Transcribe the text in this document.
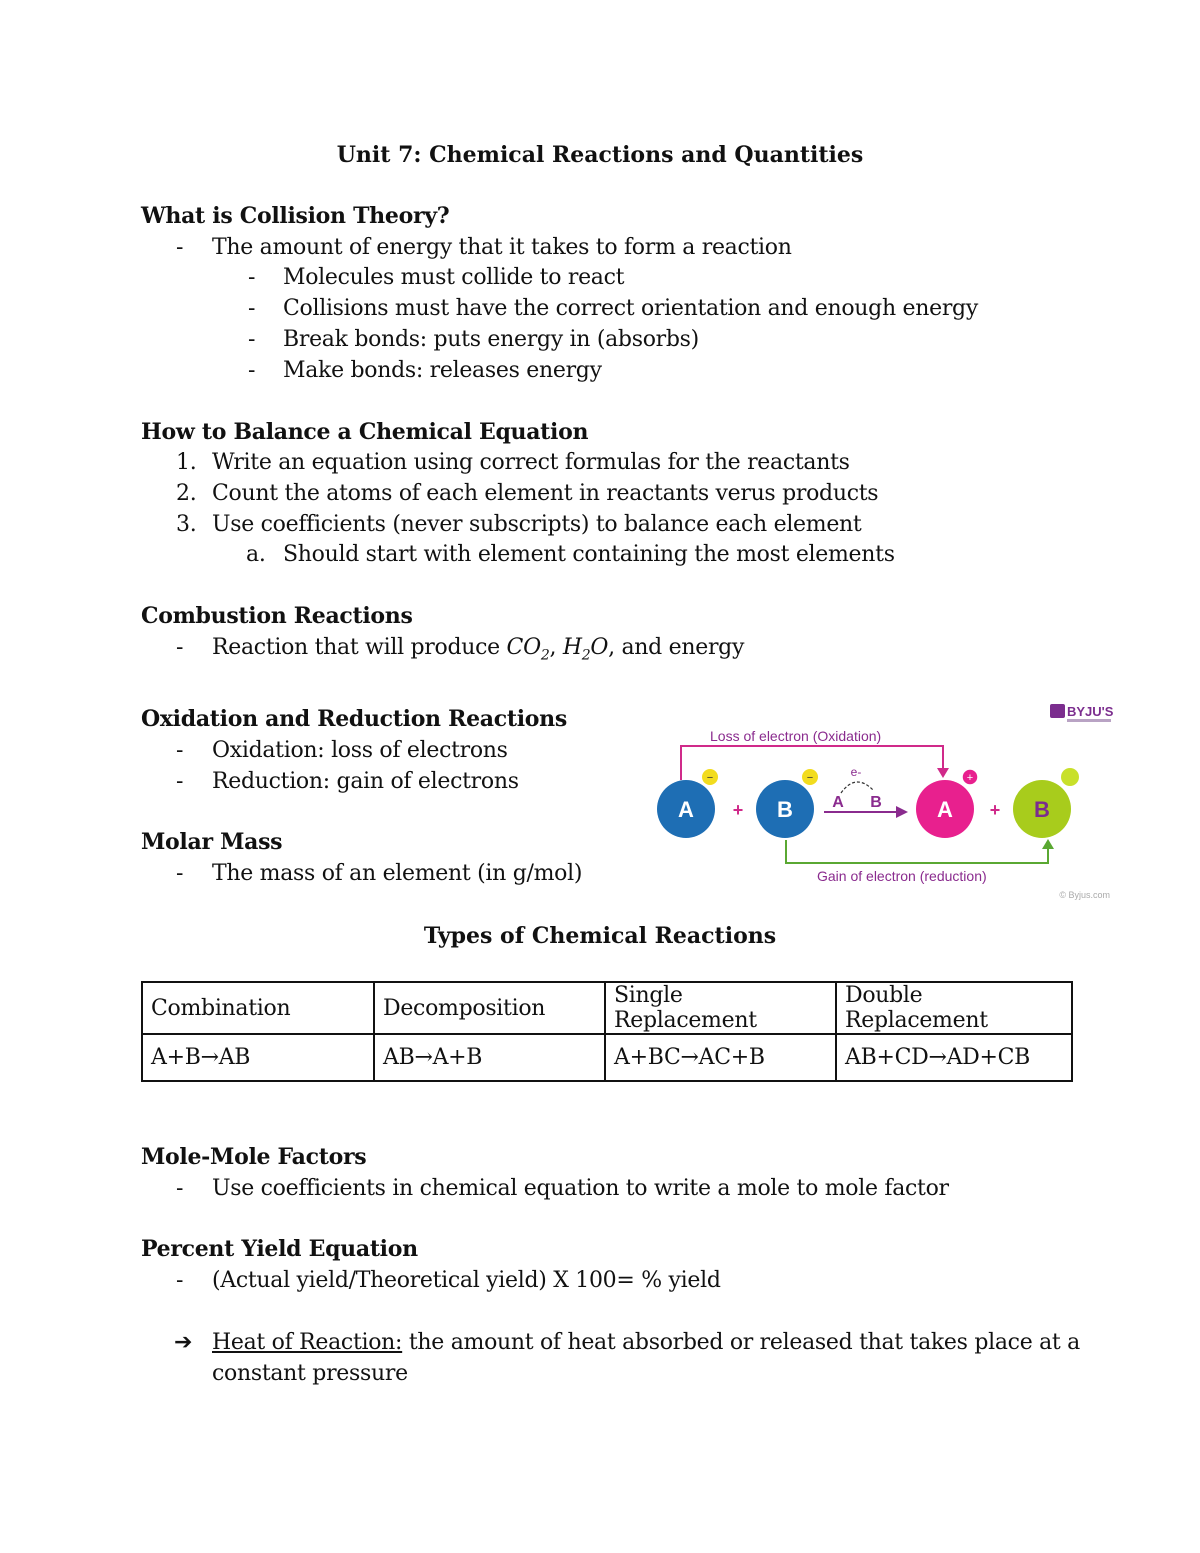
Unit 7: Chemical Reactions and Quantities
What is Collision Theory?
- The amount of energy that it takes to form a reaction
- Molecules must collide to react
- Collisions must have the correct orientation and enough energy
- Break bonds: puts energy in (absorbs)
- Make bonds: releases energy
How to Balance a Chemical Equation
1. Write an equation using correct formulas for the reactants
2. Count the atoms of each element in reactants verus products
3. Use coefficients (never subscripts) to balance each element
a. Should start with element containing the most elements
Combustion Reactions
- Reaction that will produce $CO_2$, $H_2O$, and energy
Oxidation and Reduction Reactions
- Oxidation: loss of electrons
- Reduction: gain of electrons
Molar Mass
- The mass of an element (in g/mol)
BYJU'S
Loss of electron (Oxidation)
Gain of electron (reduction)
A
−
+ B
−	e-
A B	A
+
+ B
© Byjus.com
Types of Chemical Reactions
Combination	Decomposition	Single Replacement	Double Replacement
A+B→AB	AB→A+B	A+BC→AC+B	AB+CD→AD+CB
Mole-Mole Factors
- Use coefficients in chemical equation to write a mole to mole factor
Percent Yield Equation
- (Actual yield/Theoretical yield) X 100= % yield
➔ Heat of Reaction: the amount of heat absorbed or released that takes place at a
constant pressure
